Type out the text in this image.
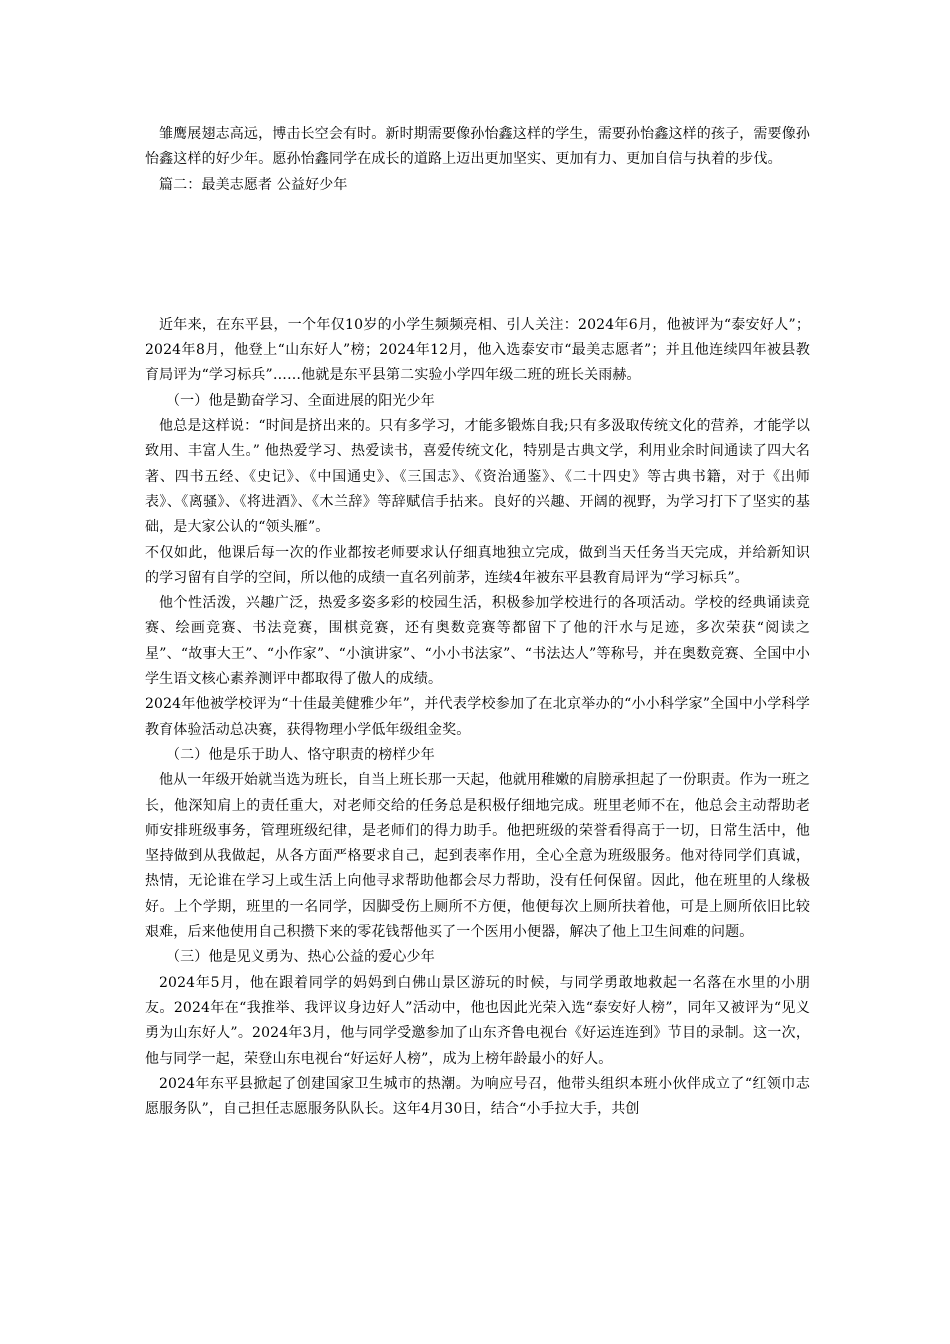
雏鹰展翅志高远，博击长空会有时。新时期需要像孙怡鑫这样的学生，需要孙怡鑫这样的孩子，需要像孙怡鑫这样的好少年。愿孙怡鑫同学在成长的道路上迈出更加坚实、更加有力、更加自信与执着的步伐。

篇二：最美志愿者 公益好少年

近年来，在东平县，一个年仅10岁的小学生频频亮相、引人关注：2024年6月，他被评为“泰安好人”；2024年8月，他登上“山东好人”榜；2024年12月，他入选泰安市“最美志愿者”；并且他连续四年被县教育局评为“学习标兵”……他就是东平县第二实验小学四年级二班的班长关雨赫。

（一）他是勤奋学习、全面进展的阳光少年

他总是这样说：“时间是挤出来的。只有多学习，才能多锻炼自我;只有多汲取传统文化的营养，才能学以致用、丰富人生。” 他热爱学习、热爱读书，喜爱传统文化，特别是古典文学，利用业余时间通读了四大名著、四书五经、《史记》、《中国通史》、《三国志》、《资治通鉴》、《二十四史》等古典书籍，对于《出师表》、《离骚》、《将进酒》、《木兰辞》等辞赋信手拈来。良好的兴趣、开阔的视野，为学习打下了坚实的基础，是大家公认的“领头雁”。

不仅如此，他课后每一次的作业都按老师要求认仔细真地独立完成，做到当天任务当天完成，并给新知识的学习留有自学的空间，所以他的成绩一直名列前茅，连续4年被东平县教育局评为“学习标兵”。

他个性活泼，兴趣广泛，热爱多姿多彩的校园生活，积极参加学校进行的各项活动。学校的经典诵读竞赛、绘画竞赛、书法竞赛，围棋竞赛，还有奥数竞赛等都留下了他的汗水与足迹，多次荣获“阅读之星”、“故事大王”、“小作家”、“小演讲家”、“小小书法家”、“书法达人”等称号，并在奥数竞赛、全国中小学生语文核心素养测评中都取得了傲人的成绩。

2024年他被学校评为“十佳最美健雅少年”，并代表学校参加了在北京举办的“小小科学家”全国中小学科学教育体验活动总决赛，获得物理小学低年级组金奖。

（二）他是乐于助人、恪守职责的榜样少年

他从一年级开始就当选为班长，自当上班长那一天起，他就用稚嫩的肩膀承担起了一份职责。作为一班之长，他深知肩上的责任重大，对老师交给的任务总是积极仔细地完成。班里老师不在，他总会主动帮助老师安排班级事务，管理班级纪律，是老师们的得力助手。他把班级的荣誉看得高于一切，日常生活中，他坚持做到从我做起，从各方面严格要求自己，起到表率作用，全心全意为班级服务。他对待同学们真诚，热情，无论谁在学习上或生活上向他寻求帮助他都会尽力帮助，没有任何保留。因此，他在班里的人缘极好。上个学期，班里的一名同学，因脚受伤上厕所不方便，他便每次上厕所扶着他，可是上厕所依旧比较艰难，后来他使用自己积攒下来的零花钱帮他买了一个医用小便器，解决了他上卫生间难的问题。

（三）他是见义勇为、热心公益的爱心少年

2024年5月，他在跟着同学的妈妈到白佛山景区游玩的时候，与同学勇敢地救起一名落在水里的小朋友。2024年在“我推举、我评议身边好人”活动中，他也因此光荣入选“泰安好人榜”，同年又被评为“见义勇为山东好人”。2024年3月，他与同学受邀参加了山东齐鲁电视台《好运连连到》节目的录制。这一次，他与同学一起，荣登山东电视台“好运好人榜”，成为上榜年龄最小的好人。

2024年东平县掀起了创建国家卫生城市的热潮。为响应号召，他带头组织本班小伙伴成立了“红领巾志愿服务队”，自己担任志愿服务队队长。这年4月30日，结合“小手拉大手，共创
